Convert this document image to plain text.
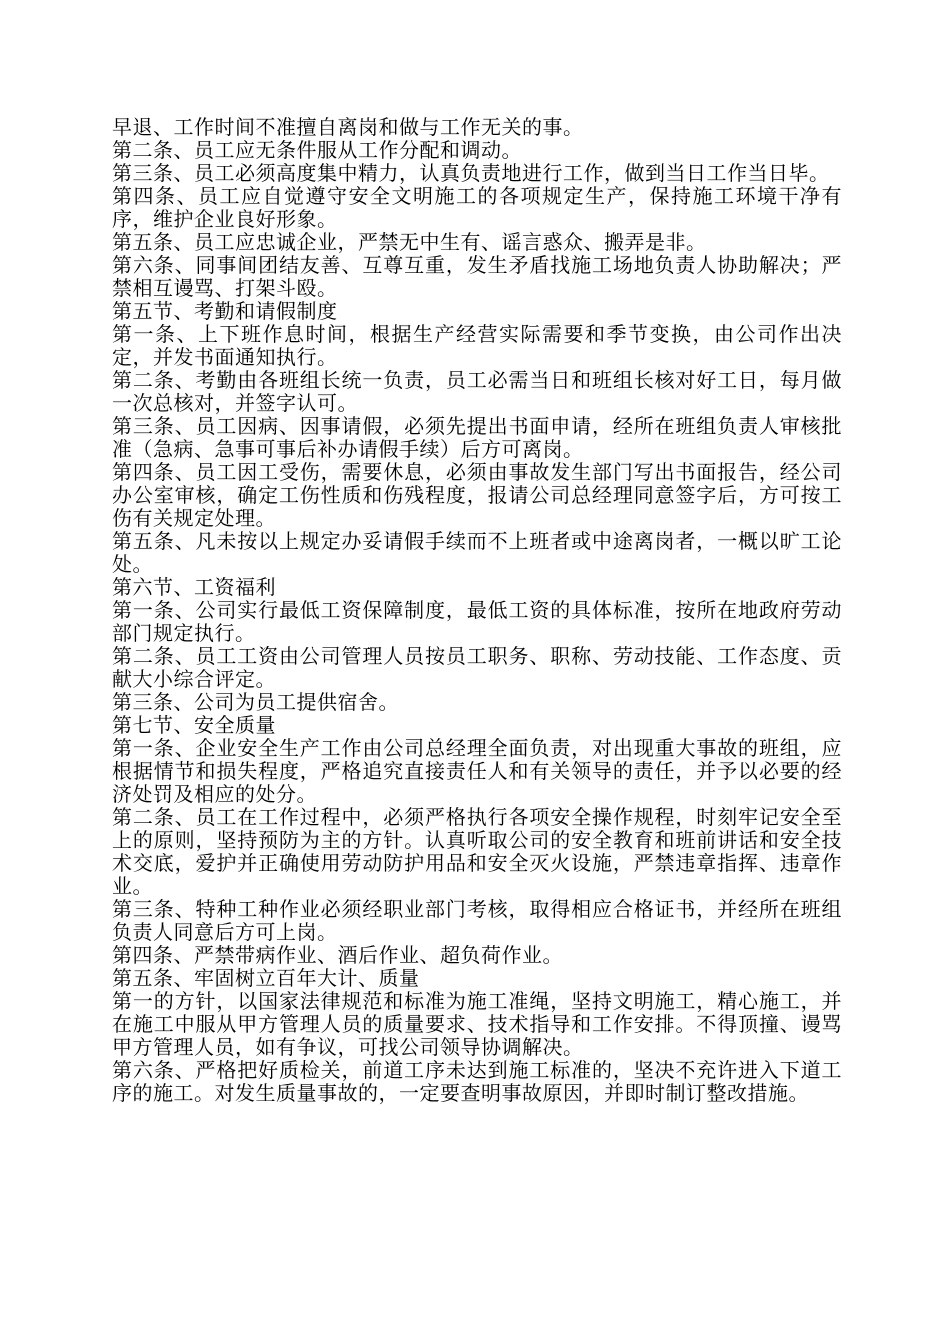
早退、工作时间不准擅自离岗和做与工作无关的事。

第二条、员工应无条件服从工作分配和调动。

第三条、员工必须高度集中精力，认真负责地进行工作，做到当日工作当日毕。

第四条、员工应自觉遵守安全文明施工的各项规定生产，保持施工环境干净有序，维护企业良好形象。

第五条、员工应忠诚企业，严禁无中生有、谣言惑众、搬弄是非。

第六条、同事间团结友善、互尊互重，发生矛盾找施工场地负责人协助解决；严禁相互谩骂、打架斗殴。

第五节、考勤和请假制度

第一条、上下班作息时间，根据生产经营实际需要和季节变换，由公司作出决定，并发书面通知执行。

第二条、考勤由各班组长统一负责，员工必需当日和班组长核对好工日，每月做一次总核对，并签字认可。

第三条、员工因病、因事请假，必须先提出书面申请，经所在班组负责人审核批准（急病、急事可事后补办请假手续）后方可离岗。

第四条、员工因工受伤，需要休息，必须由事故发生部门写出书面报告，经公司办公室审核，确定工伤性质和伤残程度，报请公司总经理同意签字后，方可按工伤有关规定处理。

第五条、凡未按以上规定办妥请假手续而不上班者或中途离岗者，一概以旷工论处。

第六节、工资福利

第一条、公司实行最低工资保障制度，最低工资的具体标准，按所在地政府劳动部门规定执行。

第二条、员工工资由公司管理人员按员工职务、职称、劳动技能、工作态度、贡献大小综合评定。

第三条、公司为员工提供宿舍。

第七节、安全质量

第一条、企业安全生产工作由公司总经理全面负责，对出现重大事故的班组，应根据情节和损失程度，严格追究直接责任人和有关领导的责任，并予以必要的经济处罚及相应的处分。

第二条、员工在工作过程中，必须严格执行各项安全操作规程，时刻牢记安全至上的原则，坚持预防为主的方针。认真听取公司的安全教育和班前讲话和安全技术交底，爱护并正确使用劳动防护用品和安全灭火设施，严禁违章指挥、违章作业。

第三条、特种工种作业必须经职业部门考核，取得相应合格证书，并经所在班组负责人同意后方可上岗。

第四条、严禁带病作业、酒后作业、超负荷作业。

第五条、牢固树立百年大计、质量

第一的方针，以国家法律规范和标准为施工准绳，坚持文明施工，精心施工，并在施工中服从甲方管理人员的质量要求、技术指导和工作安排。不得顶撞、谩骂甲方管理人员，如有争议，可找公司领导协调解决。

第六条、严格把好质检关，前道工序未达到施工标准的，坚决不充许进入下道工序的施工。对发生质量事故的，一定要查明事故原因，并即时制订整改措施。
